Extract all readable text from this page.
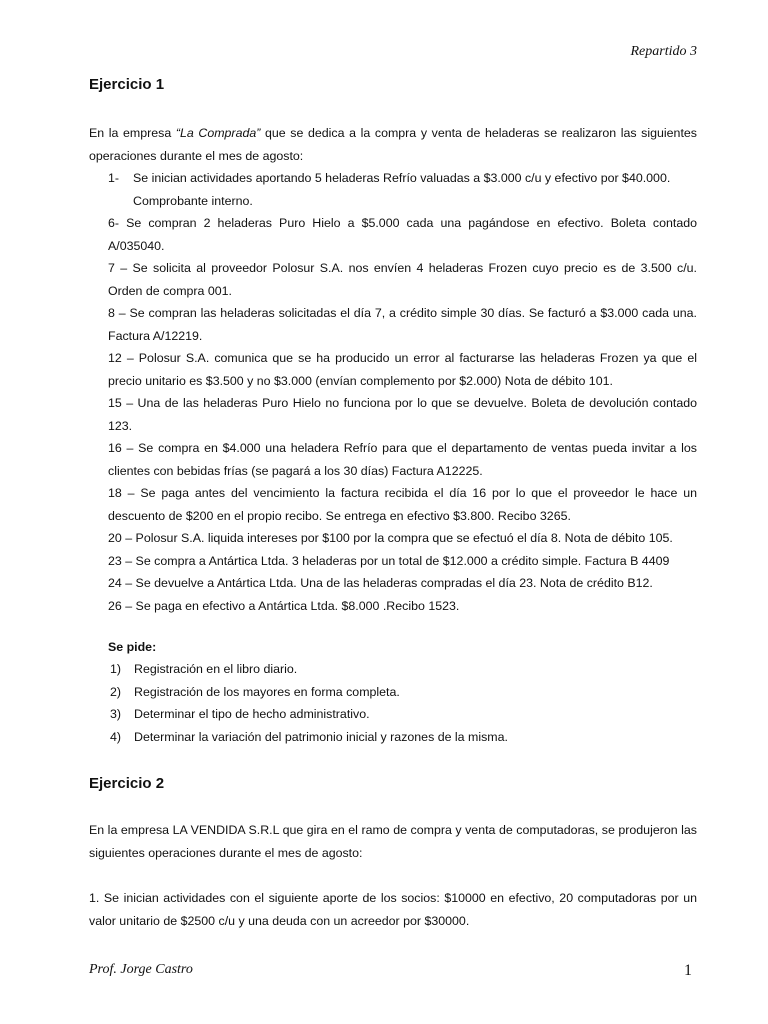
Repartido 3
Ejercicio 1
En la empresa “La Comprada” que se dedica a la compra y venta de heladeras se realizaron las siguientes operaciones durante el mes de agosto:
1- Se inician actividades aportando 5 heladeras Refrío valuadas a $3.000 c/u y efectivo por $40.000.
Comprobante interno.
6- Se compran 2 heladeras Puro Hielo a $5.000 cada una pagándose en efectivo. Boleta contado A/035040.
7 – Se solicita al proveedor Polosur S.A. nos envíen 4 heladeras Frozen cuyo precio es de 3.500 c/u. Orden de compra 001.
8 – Se compran las heladeras solicitadas el día 7, a crédito simple 30 días. Se facturó a $3.000 cada una. Factura A/12219.
12 – Polosur S.A. comunica que se ha producido un error al facturarse las heladeras Frozen ya que el precio unitario es $3.500 y no $3.000 (envían complemento por $2.000) Nota de débito 101.
15 – Una de las heladeras Puro Hielo no funciona por lo que se devuelve. Boleta de devolución contado 123.
16 – Se compra en $4.000 una heladera Refrío para que el departamento de ventas pueda invitar a los clientes con bebidas frías (se pagará a los 30 días) Factura A12225.
18 – Se paga antes del vencimiento la factura recibida el día 16 por lo que el proveedor le hace un descuento de $200 en el propio recibo. Se entrega en efectivo $3.800. Recibo 3265.
20 – Polosur S.A. liquida intereses por $100 por la compra que se efectuó el día 8. Nota de débito 105.
23 – Se compra a Antártica Ltda. 3 heladeras por un total de $12.000 a crédito simple. Factura B 4409
24 – Se devuelve a Antártica Ltda. Una de las heladeras compradas el día 23. Nota de crédito B12.
26 – Se paga en efectivo a Antártica Ltda. $8.000 .Recibo 1523.
Se pide:
1) Registración en el libro diario.
2) Registración de los mayores en forma completa.
3) Determinar el tipo de hecho administrativo.
4) Determinar la variación del patrimonio inicial y razones de la misma.
Ejercicio 2
En la empresa LA VENDIDA S.R.L que gira en el ramo de compra y venta de computadoras, se produjeron las siguientes operaciones durante el mes de agosto:
1. Se inician actividades con el siguiente aporte de los socios: $10000 en efectivo, 20 computadoras por un valor unitario de $2500 c/u y una deuda con un acreedor por $30000.
Prof. Jorge Castro	1
